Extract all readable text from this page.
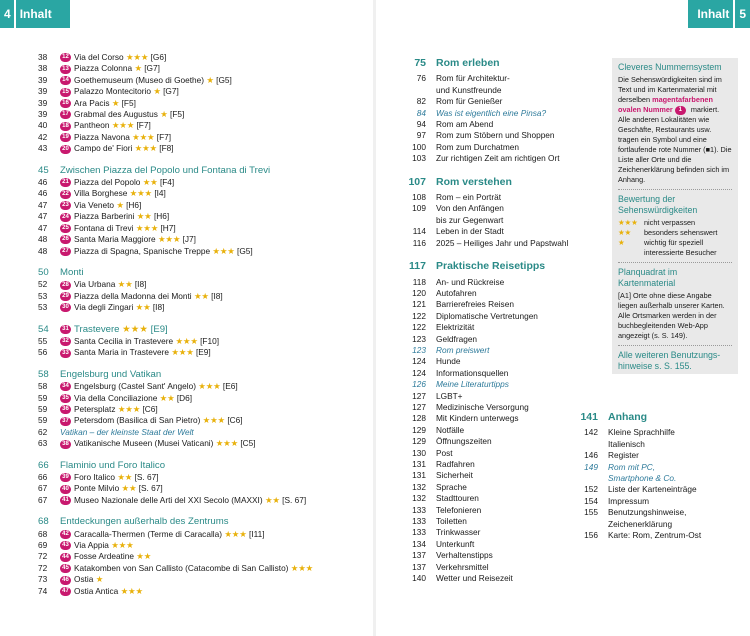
4 Inhalt	Inhalt 5
38	12 Via del Corso ★★★ [G6]
38	13 Piazza Colonna ★ [G7]
39	14 Goethemuseum (Museo di Goethe) ★ [G5]
39	15 Palazzo Montecitorio ★ [G7]
39	16 Ara Pacis ★ [F5]
39	17 Grabmal des Augustus ★ [F5]
40	18 Pantheon ★★★ [F7]
42	19 Piazza Navona ★★★ [F7]
43	20 Campo de' Fiori ★★★ [F8]
45 Zwischen Piazza del Popolo und Fontana di Trevi
46	21 Piazza del Popolo ★★ [F4]
46	22 Villa Borghese ★★★ [I4]
47	23 Via Veneto ★ [H6]
47	24 Piazza Barberini ★★ [H6]
47	25 Fontana di Trevi ★★★ [H7]
48	26 Santa Maria Maggiore ★★★ [J7]
48	27 Piazza di Spagna, Spanische Treppe ★★★ [G5]
50 Monti
52	28 Via Urbana ★★ [I8]
53	29 Piazza della Madonna dei Monti ★★ [I8]
53	30 Via degli Zingari ★★ [I8]
54 31 Trastevere ★★★ [E9]
55	32 Santa Cecilia in Trastevere ★★★ [F10]
56	33 Santa Maria in Trastevere ★★★ [E9]
58 Engelsburg und Vatikan
58	34 Engelsburg (Castel Sant' Angelo) ★★★ [E6]
59	35 Via della Conciliazione ★★ [D6]
59	36 Petersplatz ★★★ [C6]
59	37 Petersdom (Basilica di San Pietro) ★★★ [C6]
62	Vatikan – der kleinste Staat der Welt
63	38 Vatikanische Museen (Musei Vaticani) ★★★ [C5]
66 Flaminio und Foro Italico
66	39 Foro Italico ★★ [S. 67]
67	40 Ponte Milvio ★★ [S. 67]
67	41 Museo Nazionale delle Arti del XXI Secolo (MAXXI) ★★ [S. 67]
68 Entdeckungen außerhalb des Zentrums
68	42 Caracalla-Thermen (Terme di Caracalla) ★★★ [I11]
69	43 Via Appia ★★★
72	44 Fosse Ardeatine ★★
72	45 Katakomben von San Callisto (Catacombe di San Callisto) ★★★
73	46 Ostia ★
74	47 Ostia Antica ★★★
75 Rom erleben
76	Rom für Architektur-
und Kunstfreunde
82	Rom für Genießer
84	Was ist eigentlich eine Pinsa?
94	Rom am Abend
97	Rom zum Stöbern und Shoppen
100	Rom zum Durchatmen
103	Zur richtigen Zeit am richtigen Ort
107 Rom verstehen
108	Rom – ein Porträt
109	Von den Anfängen
bis zur Gegenwart
114	Leben in der Stadt
116	2025 – Heiliges Jahr und Papstwahl
117 Praktische Reisetipps
118	An- und Rückreise
120	Autofahren
121	Barrierefreies Reisen
122	Diplomatische Vertretungen
122	Elektrizität
123	Geldfragen
123	Rom preiswert
124	Hunde
124	Informationsquellen
126	Meine Literaturtipps
127	LGBT+
127	Medizinische Versorgung
128	Mit Kindern unterwegs
129	Notfälle
129	Öffnungszeiten
130	Post
131	Radfahren
131	Sicherheit
132	Sprache
132	Stadttouren
133	Telefonieren
133	Toiletten
133	Trinkwasser
134	Unterkunft
137	Verhaltenstipps
137	Verkehrsmittel
140	Wetter und Reisezeit
141 Anhang
142	Kleine Sprachhilfe
Italienisch
146	Register
149	Rom mit PC,
Smartphone & Co.
152	Liste der Karteneinträge
154	Impressum
155	Benutzungshinweise,
Zeichenerklärung
156	Karte: Rom, Zentrum-Ost
Cleveres Nummernsystem
Die Sehenswürdigkeiten sind im Text und im Kartenmaterial mit derselben magentafarbenen ovalen Nummer 1 markiert. Alle anderen Lokalitäten wie Geschäfte, Restaurants usw. tragen ein Symbol und eine fortlaufende rote Nummer (■1). Die Liste aller Orte und die Zeichenerklärung befinden sich im Anhang.
Bewertung der Sehenswürdigkeiten
★★★ nicht verpassen
★★	besonders sehenswert
★	wichtig für speziell interessierte Besucher
Planquadrat im Kartenmaterial
[A1] Orte ohne diese Angabe liegen außerhalb unserer Karten. Alle Ortsmarken werden in der buchbegleitenden Web-App angezeigt (s. S. 149).
Alle weiteren Benutzungs-hinweise s. S. 155.
